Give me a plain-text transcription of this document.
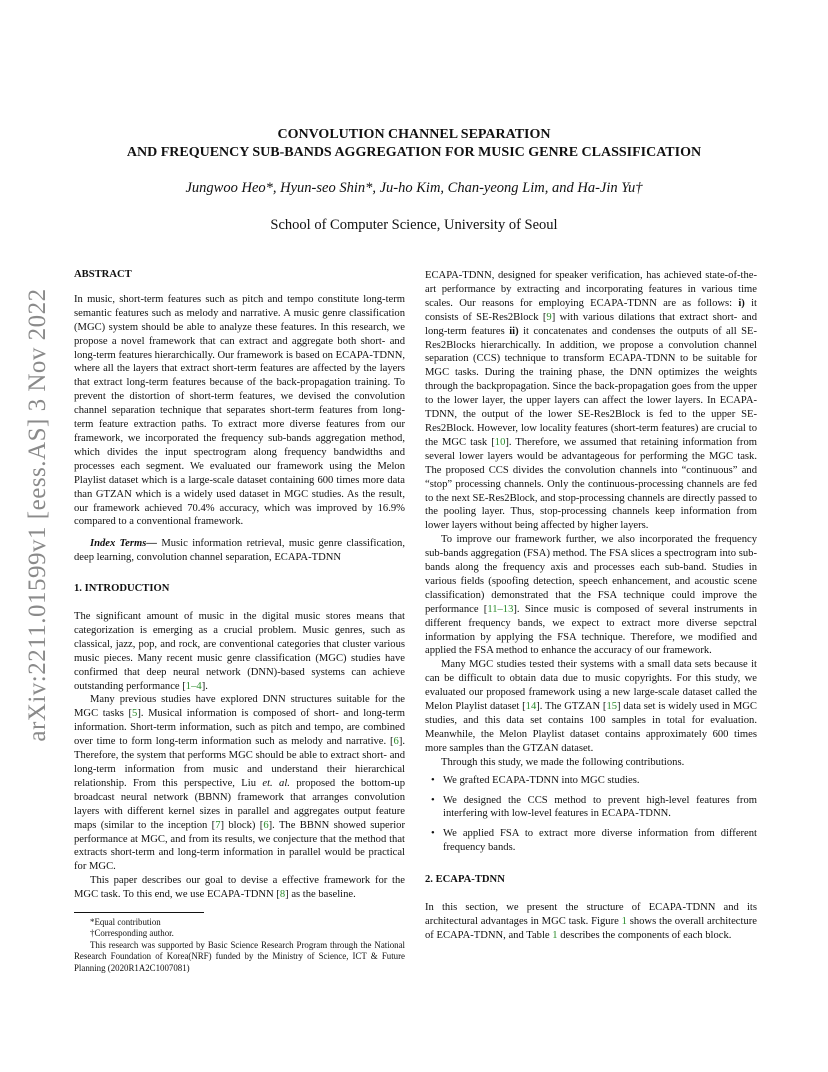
arXiv:2211.01599v1 [eess.AS] 3 Nov 2022
CONVOLUTION CHANNEL SEPARATION
AND FREQUENCY SUB-BANDS AGGREGATION FOR MUSIC GENRE CLASSIFICATION
Jungwoo Heo*, Hyun-seo Shin*, Ju-ho Kim, Chan-yeong Lim, and Ha-Jin Yu†
School of Computer Science, University of Seoul

ABSTRACT

In music, short-term features such as pitch and tempo constitute long-term semantic features such as melody and narrative. A music genre classification (MGC) system should be able to analyze these features. In this research, we propose a novel framework that can extract and aggregate both short- and long-term features hierarchically. Our framework is based on ECAPA-TDNN, where all the layers that extract short-term features are affected by the layers that extract long-term features because of the back-propagation training. To prevent the distortion of short-term features, we devised the convolution channel separation technique that separates short-term features from long-term feature extraction paths. To extract more diverse features from our framework, we incorporated the frequency sub-bands aggregation method, which divides the input spectrogram along frequency bandwidths and processes each segment. We evaluated our framework using the Melon Playlist dataset which is a large-scale dataset containing 600 times more data than GTZAN which is a widely used dataset in MGC studies. As the result, our framework achieved 70.4% accuracy, which was improved by 16.9% compared to a conventional framework.

Index Terms— Music information retrieval, music genre classification, deep learning, convolution channel separation, ECAPA-TDNN

1. INTRODUCTION

The significant amount of music in the digital music stores means that categorization is emerging as a crucial problem. Music genres, such as classical, jazz, pop, and rock, are conventional categories that cluster various music pieces. Many recent music genre classification (MGC) studies have confirmed that deep neural network (DNN)-based systems can achieve outstanding performance [1–4].

Many previous studies have explored DNN structures suitable for the MGC tasks [5]. Musical information is composed of short- and long-term information. Short-term information, such as pitch and tempo, are combined over time to form long-term information such as melody and narrative. [6]. Therefore, the system that performs MGC should be able to extract short- and long-term information from music and understand their hierarchical relationship. From this perspective, Liu et. al. proposed the bottom-up broadcast neural network (BBNN) framework that arranges convolution layers with different kernel sizes in parallel and aggregates output feature maps (similar to the inception [7] block) [6]. The BBNN showed superior performance at MGC, and from its results, we conjecture that the method that extracts short-term and long-term information in parallel would be practical for MGC.

This paper describes our goal to devise a effective framework for the MGC task. To this end, we use ECAPA-TDNN [8] as the baseline.

*Equal contribution

†Corresponding author.

This research was supported by Basic Science Research Program through the National Research Foundation of Korea(NRF) funded by the Ministry of Science, ICT & Future Planning (2020R1A2C1007081)

ECAPA-TDNN, designed for speaker verification, has achieved state-of-the-art performance by extracting and incorporating features in various time scales. Our reasons for employing ECAPA-TDNN are as follows: i) it consists of SE-Res2Block [9] with various dilations that extract short- and long-term features ii) it concatenates and condenses the outputs of all SE-Res2Blocks hierarchically. In addition, we propose a convolution channel separation (CCS) technique to transform ECAPA-TDNN to be suitable for MGC tasks. During the training phase, the DNN optimizes the weights through the backpropagation. Since the back-propagation goes from the upper to the lower layer, the upper layers can affect the lower layers. In ECAPA-TDNN, the output of the lower SE-Res2Block is fed to the upper SE-Res2Block. However, low locality features (short-term features) are crucial to the MGC task [10]. Therefore, we assumed that retaining information from several lower layers would be advantageous for performing the MGC task. The proposed CCS divides the convolution channels into “continuous” and “stop” processing channels. Only the continuous-processing channels are fed to the next SE-Res2Block, and stop-processing channels are directly passed to the pooling layer. Thus, stop-processing channels keep information from lower layers without being affected by higher layers.

To improve our framework further, we also incorporated the frequency sub-bands aggregation (FSA) method. The FSA slices a spectrogram into sub-bands along the frequency axis and processes each sub-band. Studies in various fields (spoofing detection, speech enhancement, and acoustic scene classification) demonstrated that the FSA technique could improve the performance [11–13]. Since music is composed of several instruments in different frequency bands, we expect to extract more diverse sepctral information by applying the FSA technique. Therefore, we modified and applied the FSA method to enhance the accuracy of our framework.

Many MGC studies tested their systems with a small data sets because it can be difficult to obtain data due to music copyrights. For this study, we evaluated our proposed framework using a new large-scale dataset called the Melon Playlist dataset [14]. The GTZAN [15] data set is widely used in MGC studies, and this data set contains 100 samples in total for evaluation. Meanwhile, the Melon Playlist dataset contains approximately 600 times more samples than the GTZAN dataset.

Through this study, we made the following contributions.

• We grafted ECAPA-TDNN into MGC studies.
• We designed the CCS method to prevent high-level features from interfering with low-level features in ECAPA-TDNN.
• We applied FSA to extract more diverse information from different frequency bands.

2. ECAPA-TDNN

In this section, we present the structure of ECAPA-TDNN and its architectural advantages in MGC task. Figure 1 shows the overall architecture of ECAPA-TDNN, and Table 1 describes the components of each block.
